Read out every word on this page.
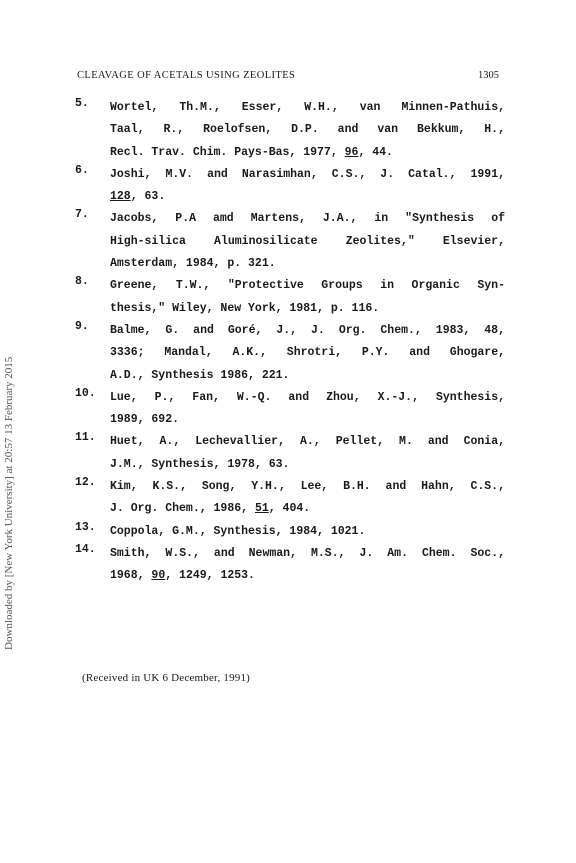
CLEAVAGE OF ACETALS USING ZEOLITES	1305
Downloaded by [New York University] at 20:57 13 February 2015
5.	Wortel, Th.M., Esser, W.H., van Minnen-Pathuis,
Taal, R., Roelofsen, D.P. and van Bekkum, H.,
Recl. Trav. Chim. Pays-Bas, 1977, 96, 44.
6.	Joshi, M.V. and Narasimhan, C.S., J. Catal., 1991,
128, 63.
7.	Jacobs, P.A amd Martens, J.A., in "Synthesis of
High-silica Aluminosilicate Zeolites," Elsevier,
Amsterdam, 1984, p. 321.
8.	Greene, T.W., "Protective Groups in Organic Syn-
thesis," Wiley, New York, 1981, p. 116.
9.	Balme, G. and Goré, J., J. Org. Chem., 1983, 48,
3336; Mandal, A.K., Shrotri, P.Y. and Ghogare,
A.D., Synthesis 1986, 221.
10.	Lue, P., Fan, W.-Q. and Zhou, X.-J., Synthesis,
1989, 692.
11.	Huet, A., Lechevallier, A., Pellet, M. and Conia,
J.M., Synthesis, 1978, 63.
12.	Kim, K.S., Song, Y.H., Lee, B.H. and Hahn, C.S.,
J. Org. Chem., 1986, 51, 404.
13.	Coppola, G.M., Synthesis, 1984, 1021.
14.	Smith, W.S., and Newman, M.S., J. Am. Chem. Soc.,
1968, 90, 1249, 1253.
(Received in UK 6 December, 1991)
